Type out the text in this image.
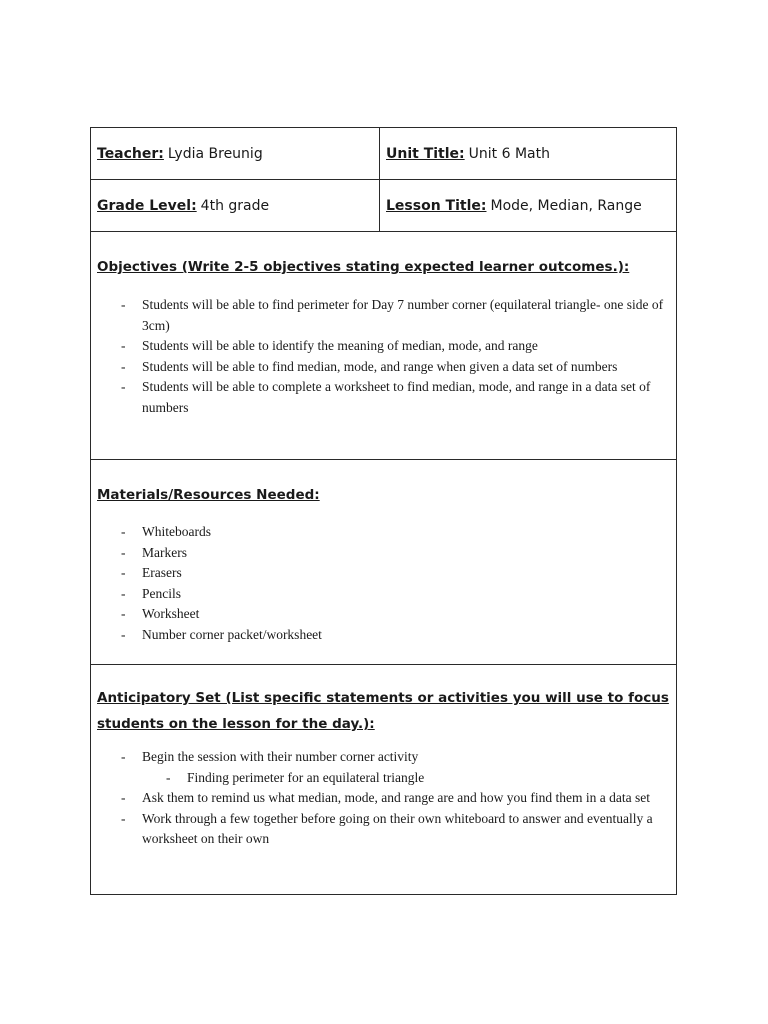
Teacher: Lydia Breunig	Unit Title: Unit 6 Math
Grade Level: 4th grade	Lesson Title: Mode, Median, Range
Objectives (Write 2-5 objectives stating expected learner outcomes.):
- Students will be able to find perimeter for Day 7 number corner (equilateral triangle- one side of 3cm)
- Students will be able to identify the meaning of median, mode, and range
- Students will be able to find median, mode, and range when given a data set of numbers
- Students will be able to complete a worksheet to find median, mode, and range in a data set of numbers
Materials/Resources Needed:
- Whiteboards
- Markers
- Erasers
- Pencils
- Worksheet
- Number corner packet/worksheet
Anticipatory Set (List specific statements or activities you will use to focus
students on the lesson for the day.):
- Begin the session with their number corner activity
- Finding perimeter for an equilateral triangle
- Ask them to remind us what median, mode, and range are and how you find them in a data set
- Work through a few together before going on their own whiteboard to answer and eventually a worksheet on their own
